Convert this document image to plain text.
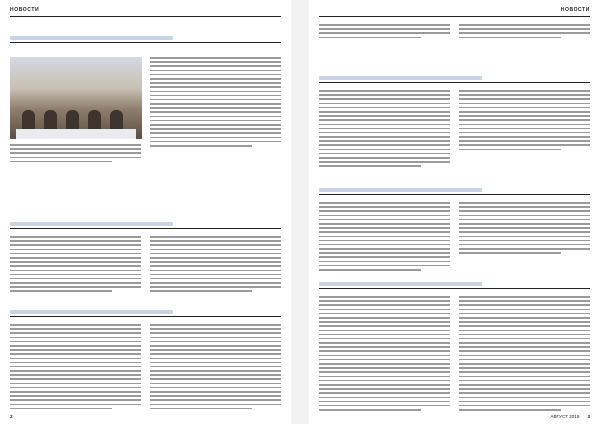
НОВОСТИ
2
НОВОСТИ
АВГУСТ 2019 3
